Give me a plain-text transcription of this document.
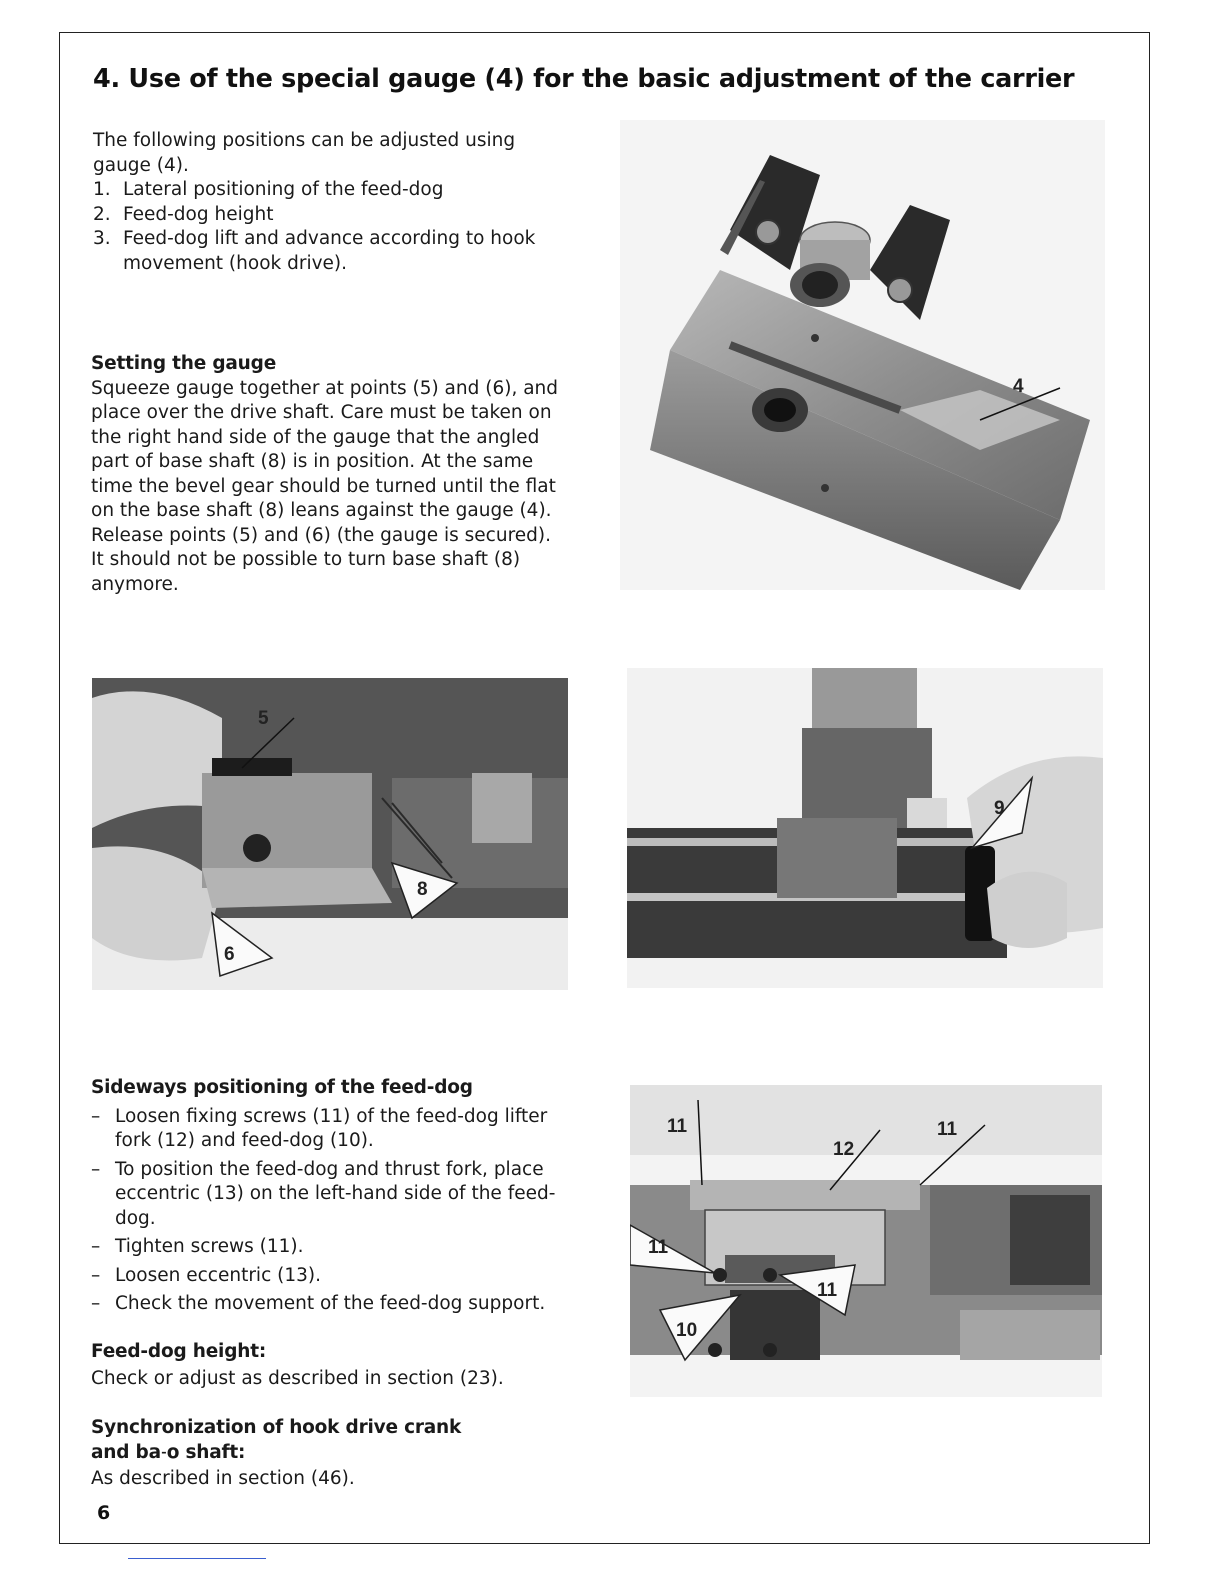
4. Use of the special gauge (4) for the basic adjustment of the carrier
The following positions can be adjusted using gauge (4).
1. Lateral positioning of the feed-dog
2. Feed-dog height
3. Feed-dog lift and advance according to hook movement (hook drive).
Setting the gauge
Squeeze gauge together at points (5) and (6), and place over the drive shaft. Care must be taken on the right hand side of the gauge that the angled part of base shaft (8) is in position. At the same time the bevel gear should be turned until the flat on the base shaft (8) leans against the gauge (4). Release points (5) and (6) (the gauge is secured). It should not be possible to turn base shaft (8) anymore.
4
5
8
6
9
Sideways positioning of the feed-dog
– Loosen fixing screws (11) of the feed-dog lifter fork (12) and feed-dog (10).
– To position the feed-dog and thrust fork, place eccentric (13) on the left-hand side of the feed-dog.
– Tighten screws (11).
– Loosen eccentric (13).
– Check the movement of the feed-dog support.
Feed-dog height:
Check or adjust as described in section (23).
Synchronization of hook drive crank
and ba˗ο shaft:
As described in section (46).
11
12
11
11
11
10
6
